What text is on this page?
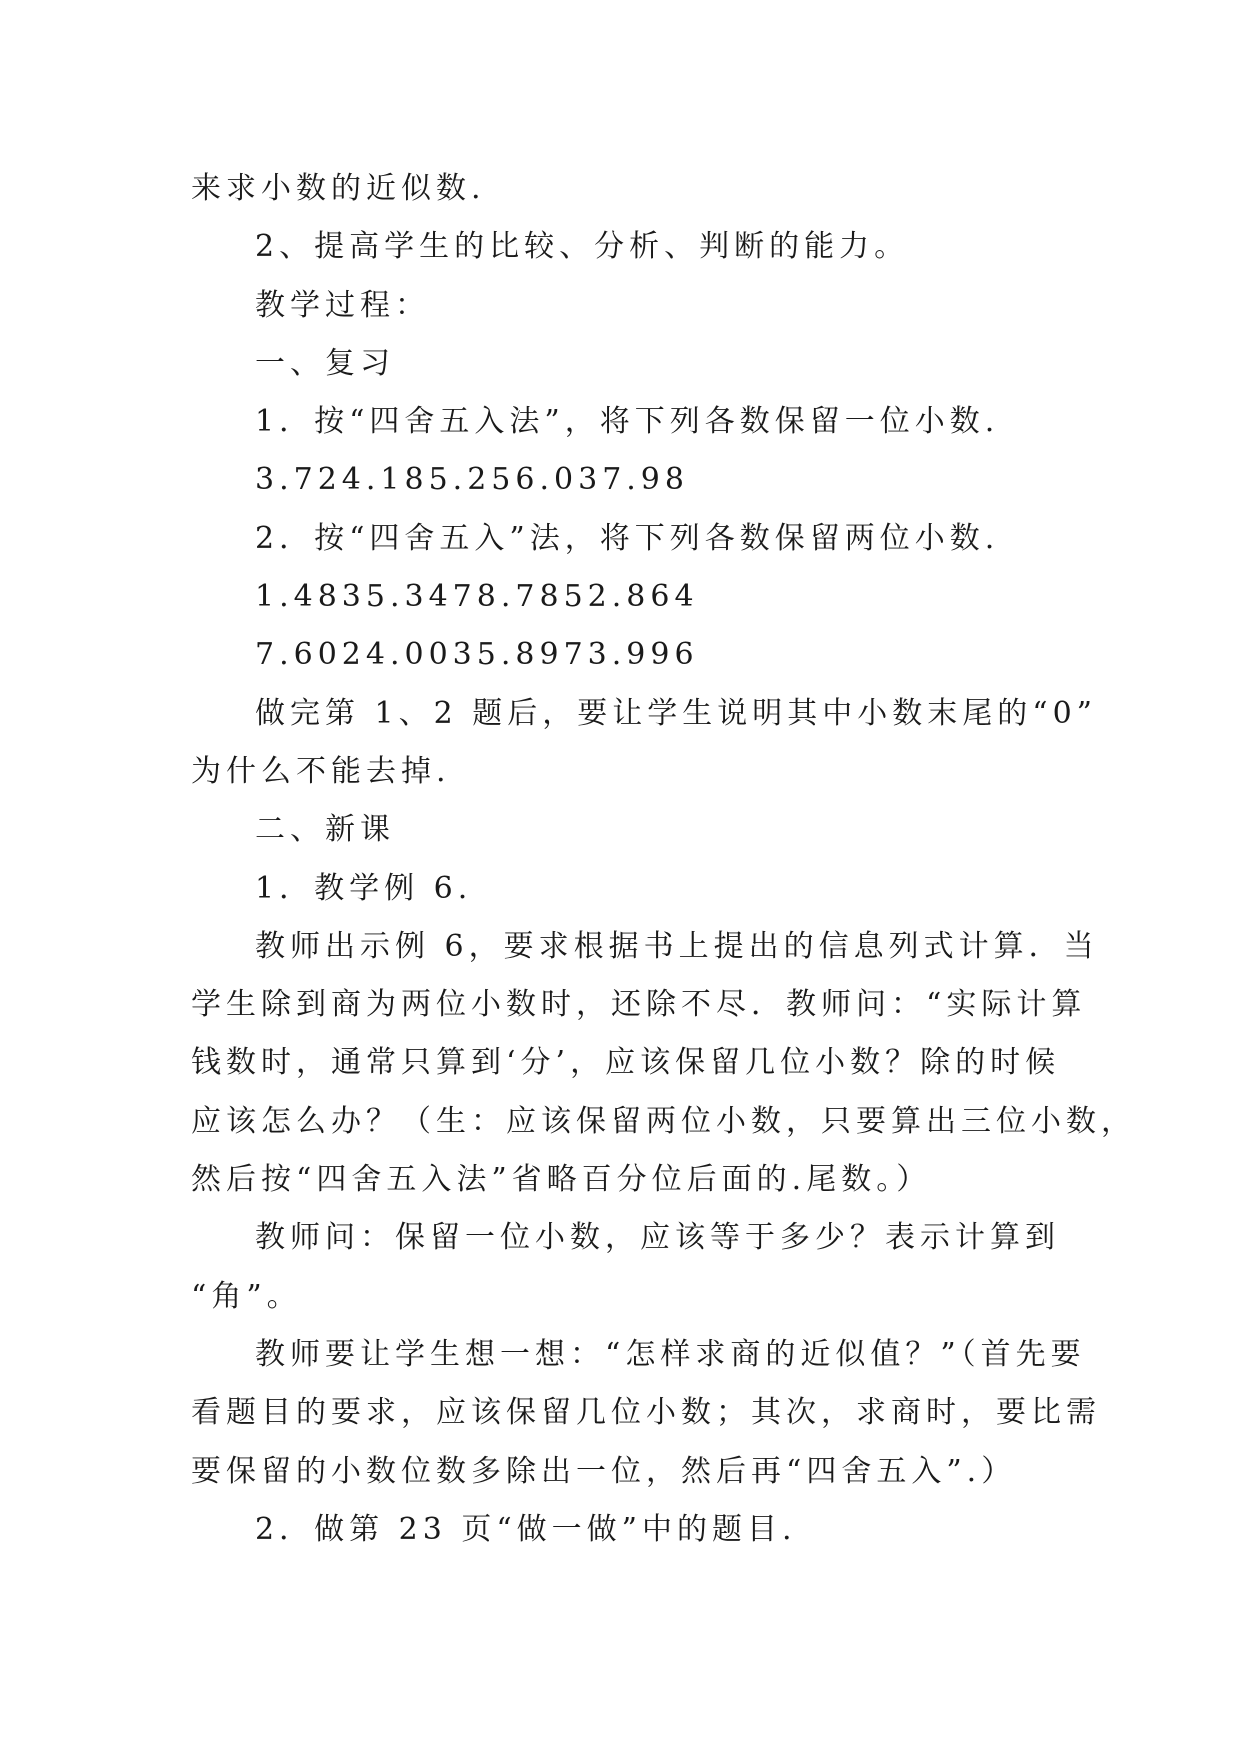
来求小数的近似数.
2、提高学生的比较、分析、判断的能力。
教学过程：
一、复习
1．按“四舍五入法”，将下列各数保留一位小数.
3.724.185.256.037.98
2．按“四舍五入”法，将下列各数保留两位小数.
1.4835.3478.7852.864
7.6024.0035.8973.996
做完第 1、2 题后，要让学生说明其中小数末尾的“0”
为什么不能去掉.
二、新课
1．教学例 6.
教师出示例 6，要求根据书上提出的信息列式计算．当
学生除到商为两位小数时，还除不尽．教师问：“实际计算
钱数时，通常只算到‘分’，应该保留几位小数？除的时候
应该怎么办？（生：应该保留两位小数，只要算出三位小数，
然后按“四舍五入法”省略百分位后面的.尾数。）
教师问：保留一位小数，应该等于多少？表示计算到
“角”。
教师要让学生想一想：“怎样求商的近似值？”（首先要
看题目的要求，应该保留几位小数；其次，求商时，要比需
要保留的小数位数多除出一位，然后再“四舍五入”.）
2．做第 23 页“做一做”中的题目.
